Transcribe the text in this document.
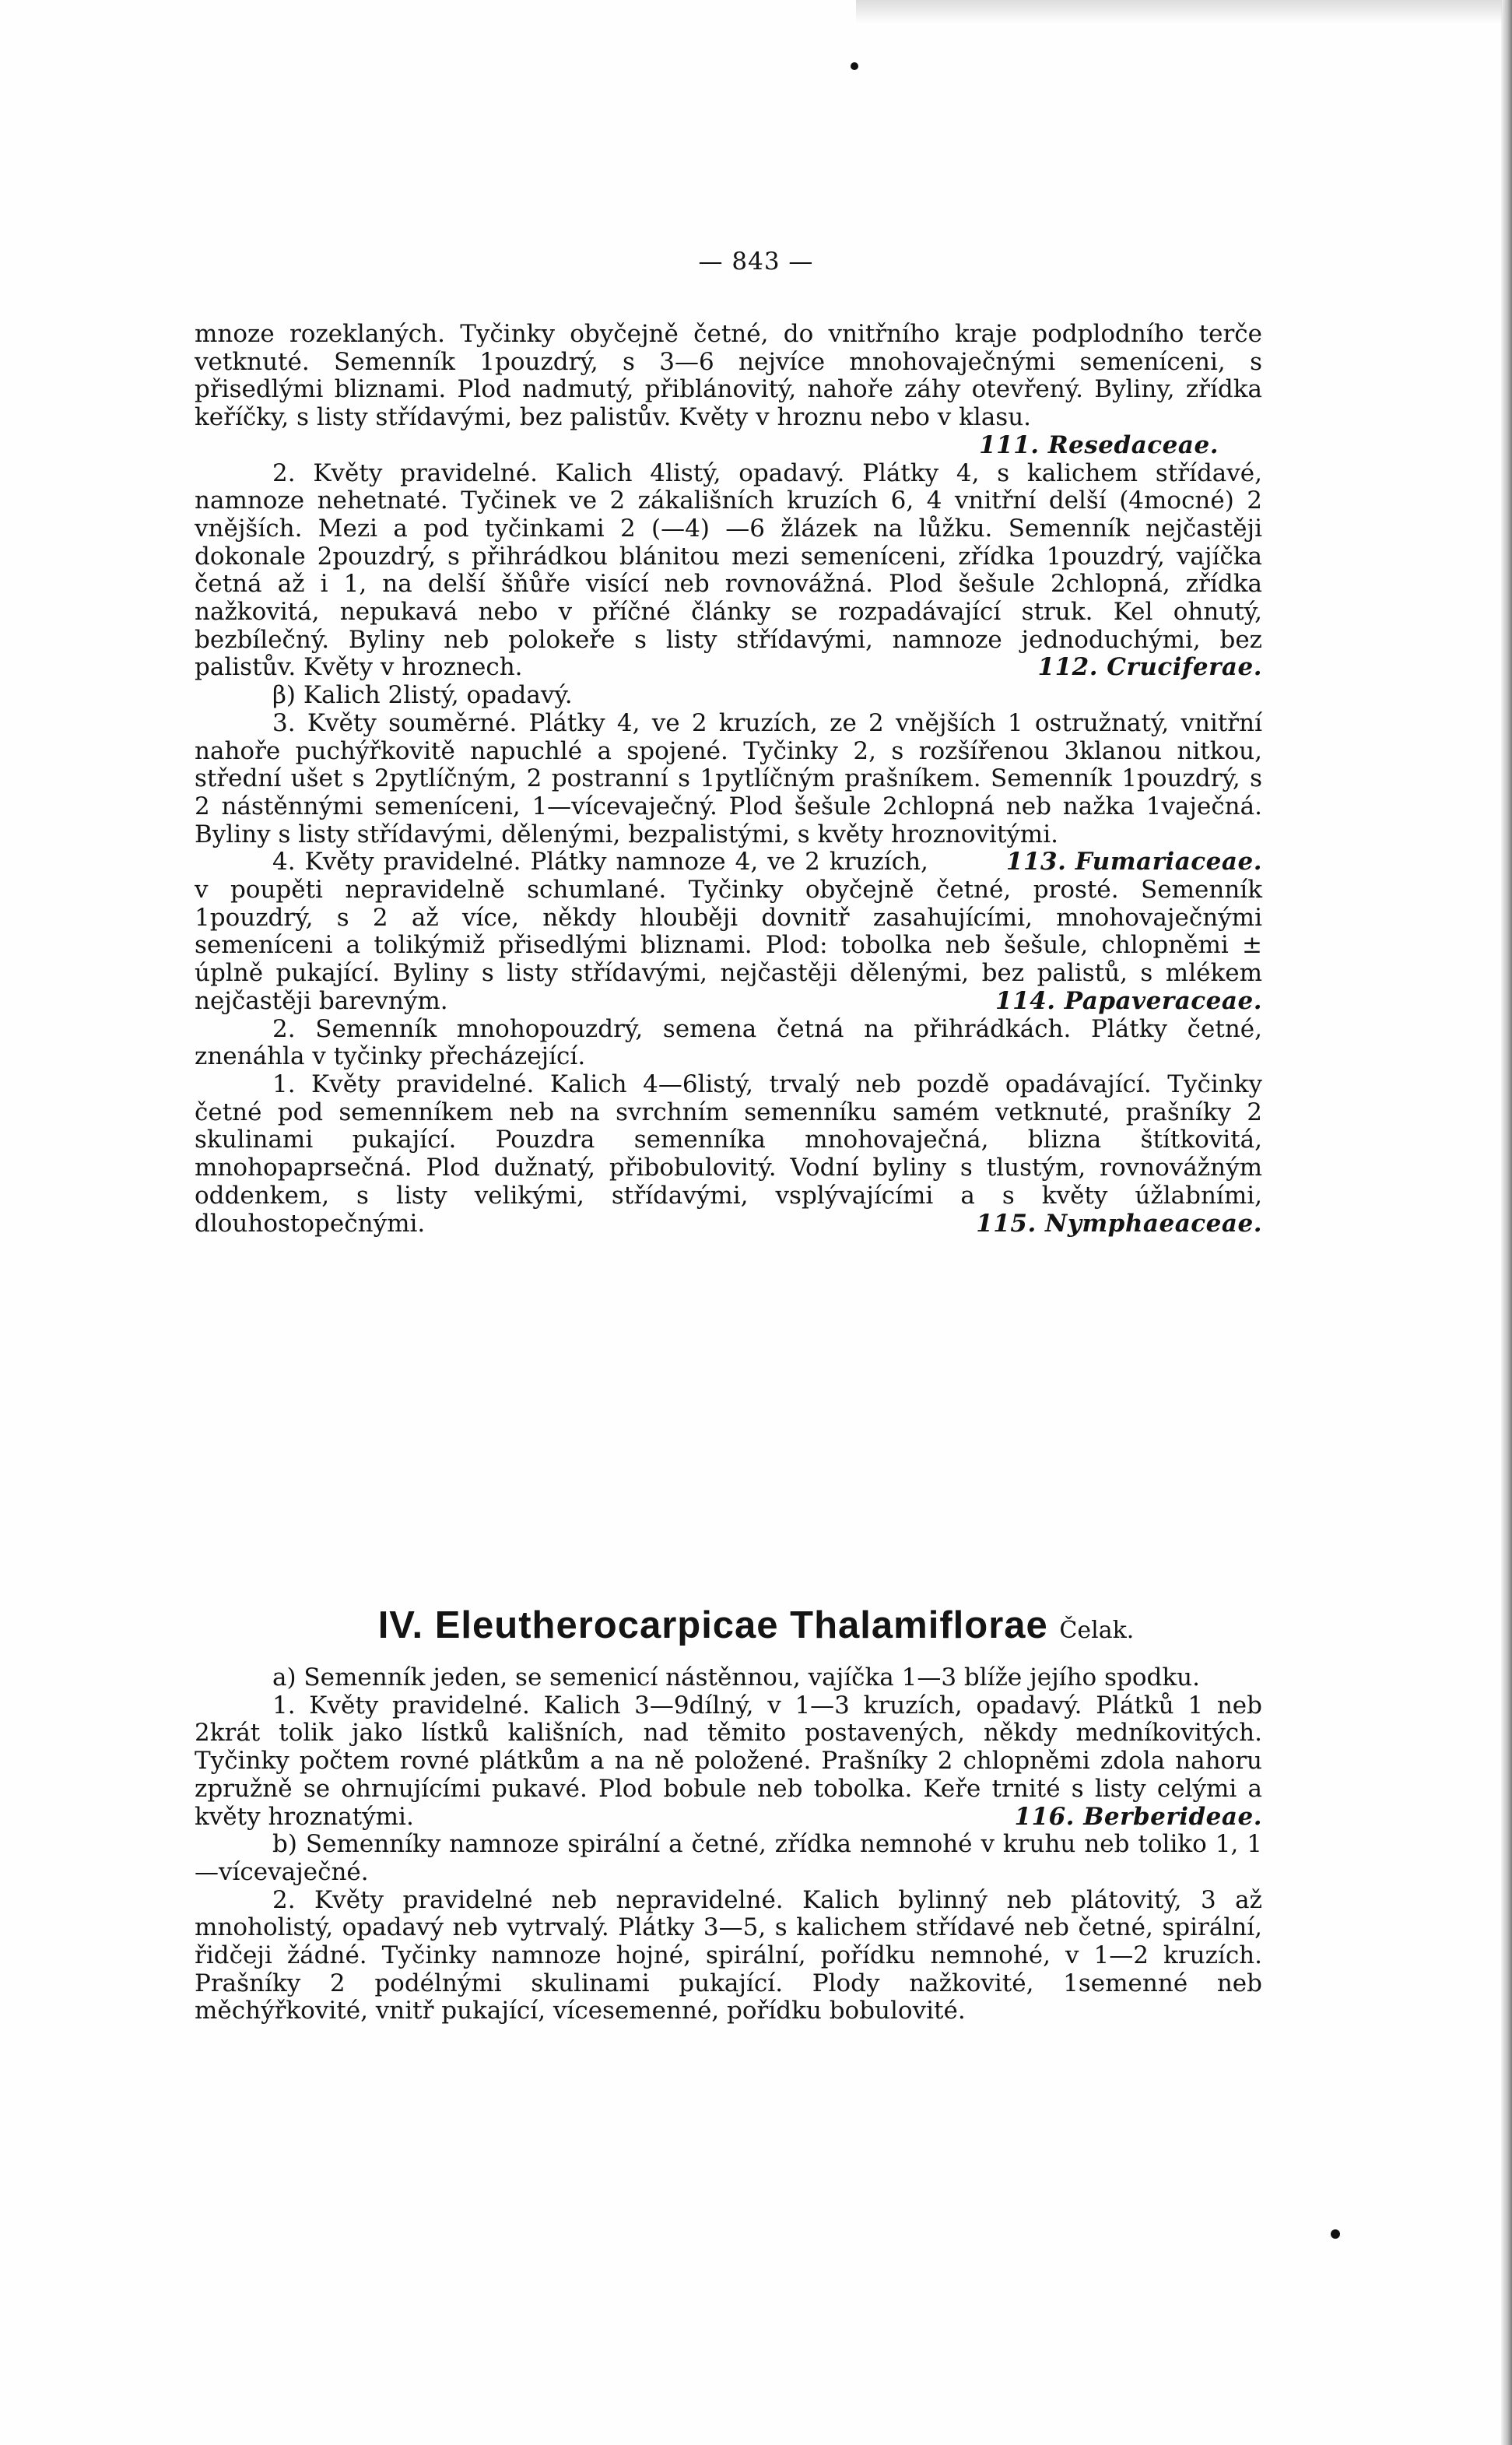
— 843 —

mnoze rozeklaných. Tyčinky obyčejně četné, do vnitřního kraje podplodního terče vetknuté. Semenník 1pouzdrý, s 3—6 nejvíce mnohovaječnými semeníceni, s přisedlými bliznami. Plod nadmutý, přiblánovitý, nahoře záhy otevřený. Byliny, zřídka keříčky, s listy střídavými, bez palistův. Květy v hroznu nebo v klasu.

111. Resedaceae.

2. Květy pravidelné. Kalich 4listý, opadavý. Plátky 4, s kalichem střídavé, namnoze nehetnaté. Tyčinek ve 2 zákališních kruzích 6, 4 vnitřní delší (4mocné) 2 vnějších. Mezi a pod tyčinkami 2 (—4) —6 žlázek na lůžku. Semenník nejčastěji dokonale 2pouzdrý, s přihrádkou blánitou mezi semeníceni, zřídka 1pouzdrý, vajíčka četná až i 1, na delší šňůře visící neb rovnovážná. Plod šešule 2chlopná, zřídka nažkovitá, nepukavá nebo v příčné články se rozpadávající struk. Kel ohnutý, bezbílečný. Byliny neb polokeře s listy střídavými, namnoze jednoduchými, bez palistův. Květy v hroznech.	112. Cruciferae.

β) Kalich 2listý, opadavý.

3. Květy souměrné. Plátky 4, ve 2 kruzích, ze 2 vnějších 1 ostružnatý, vnitřní nahoře puchýřkovitě napuchlé a spojené. Tyčinky 2, s rozšířenou 3klanou nitkou, střední ušet s 2pytlíčným, 2 postranní s 1pytlíčným prašníkem. Semenník 1pouzdrý, s 2 nástěnnými semeníceni, 1—vícevaječný. Plod šešule 2chlopná neb nažka 1vaječná. Byliny s listy střídavými, dělenými, bezpalistými, s květy hroznovitými.
113. Fumariaceae.

4. Květy pravidelné. Plátky namnoze 4, ve 2 kruzích, v poupěti nepravidelně schumlané. Tyčinky obyčejně četné, prosté. Semenník 1pouzdrý, s 2 až více, někdy hlouběji dovnitř zasahujícími, mnohovaječnými semeníceni a tolikýmiž přisedlými bliznami. Plod: tobolka neb šešule, chlopněmi ± úplně pukající. Byliny s listy střídavými, nejčastěji dělenými, bez palistů, s mlékem nejčastěji barevným.	114. Papaveraceae.

2. Semenník mnohopouzdrý, semena četná na přihrádkách. Plátky četné, znenáhla v tyčinky přecházející.

1. Květy pravidelné. Kalich 4—6listý, trvalý neb pozdě opadávající. Tyčinky četné pod semenníkem neb na svrchním semenníku samém vetknuté, prašníky 2 skulinami pukající. Pouzdra semenníka mnohovaječná, blizna štítkovitá, mnohopaprsečná. Plod dužnatý, přibobulovitý. Vodní byliny s tlustým, rovnovážným oddenkem, s listy velikými, střídavými, vsplývajícími a s květy úžlabními, dlouhostopečnými.	115. Nymphaeaceae.

IV. Eleutherocarpicae Thalamiflorae Čelak.

a) Semenník jeden, se semenicí nástěnnou, vajíčka 1—3 blíže jejího spodku.

1. Květy pravidelné. Kalich 3—9dílný, v 1—3 kruzích, opadavý. Plátků 1 neb 2krát tolik jako lístků kališních, nad těmito postavených, někdy medníkovitých. Tyčinky počtem rovné plátkům a na ně položené. Prašníky 2 chlopněmi zdola nahoru zpružně se ohrnujícími pukavé. Plod bobule neb tobolka. Keře trnité s listy celými a květy hroznatými.	116. Berberideae.

b) Semenníky namnoze spirální a četné, zřídka nemnohé v kruhu neb toliko 1, 1—vícevaječné.

2. Květy pravidelné neb nepravidelné. Kalich bylinný neb plátovitý, 3 až mnoholistý, opadavý neb vytrvalý. Plátky 3—5, s kalichem střídavé neb četné, spirální, řidčeji žádné. Tyčinky namnoze hojné, spirální, pořídku nemnohé, v 1—2 kruzích. Prašníky 2 podélnými skulinami pukající. Plody nažkovité, 1semenné neb měchýřkovité, vnitř pukající, vícesemenné, pořídku bobulovité.
